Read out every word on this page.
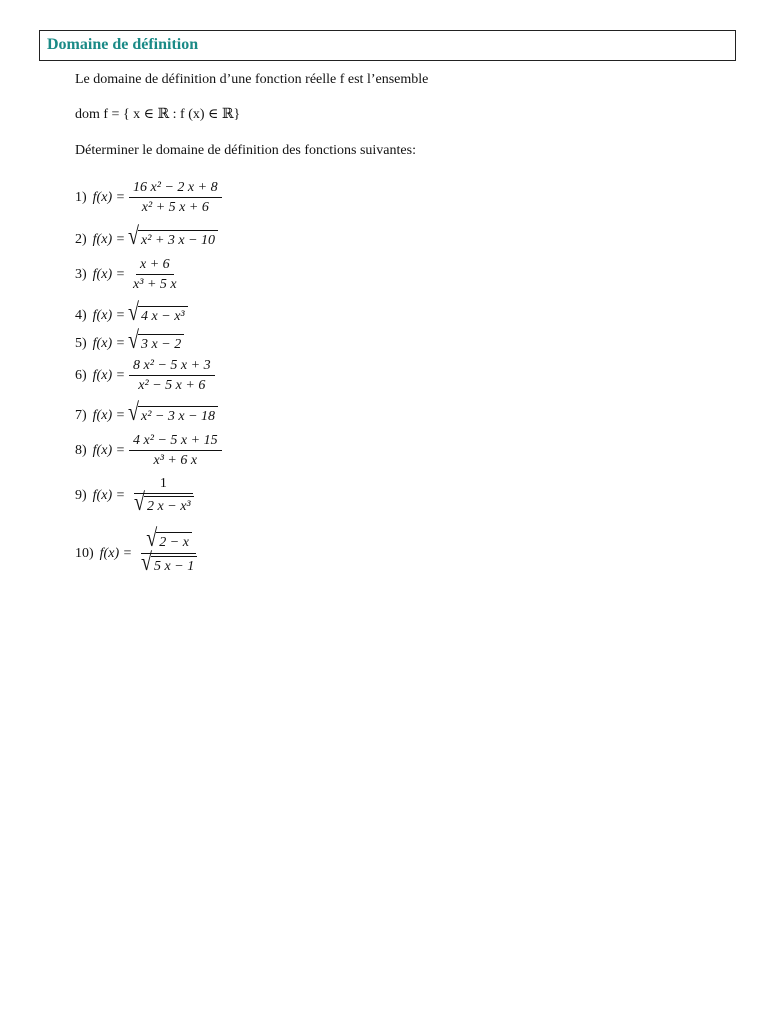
Domaine de définition
Le domaine de définition d’une fonction réelle f est l’ensemble
dom f = { x ∈ ℝ : f (x) ∈ ℝ}
Déterminer le domaine de définition des fonctions suivantes:
1) $f(x) = \frac{\text{16 x² − 2 x + 8}}{\text{x² + 5 x + 6}}$
2) f(x) = √ x² + 3 x − 10
3) $f(x) = \frac{x + 6}{\text{x³ + 5 x}}$
4) f(x) = √ 4 x − x³
5) f(x) = √ 3 x − 2
6) $f(x) = \frac{\text{8 x² − 5 x + 3}}{\text{x² − 5 x + 6}}$
7) f(x) = √ x² − 3 x − 18
8) $f(x) = \frac{\text{4 x² − 5 x + 15}}{\text{x³ + 6 x}}$
9) $f(x) = \frac{1}{\text{√ 2 x − x³}}$
10) $f(x) = \frac{√ 2 - x}{√ 5 x - 1}$
